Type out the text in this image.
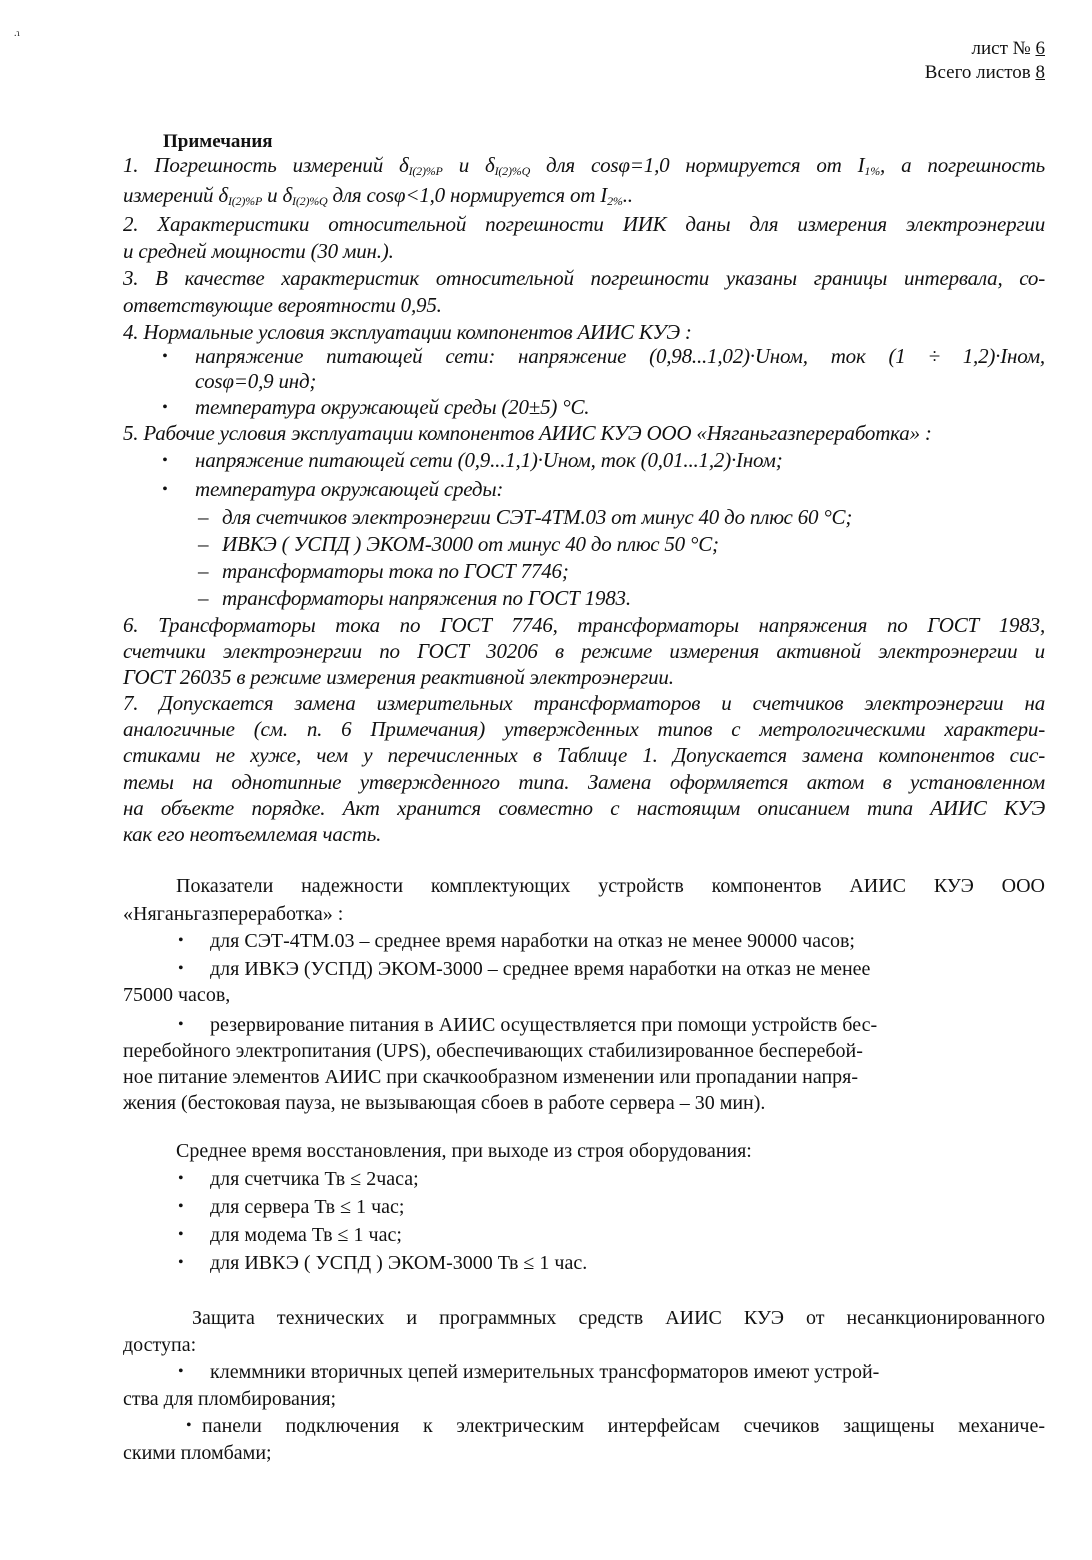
.ɿ
лист № 6
Всего листов 8
Примечания
1. Погрешность измерений $\delta_{I(2)\%P}$ и $\delta_{I(2)\%Q}$ для cosφ=1,0 нормируется от $I_{1\%}$, а погрешность
измерений $\delta_{I(2)\%P}$ и $\delta_{I(2)\%Q}$ для cosφ<1,0 нормируется от $I_{2\%}$..
2. Характеристики относительной погрешности ИИК даны для измерения электроэнергии
и средней мощности (30 мин.).
3. В качестве характеристик относительной погрешности указаны границы интервала, со-
ответствующие вероятности 0,95.
4. Нормальные условия эксплуатации компонентов АИИС КУЭ :
• напряжение питающей сети: напряжение (0,98...1,02)·Uном, ток (1 ÷ 1,2)·Iном,
cosφ=0,9 инд;
• температура окружающей среды (20±5) °С.
5. Рабочие условия эксплуатации компонентов АИИС КУЭ ООО «Няганьгазпереработка» :
• напряжение питающей сети (0,9...1,1)·Uном, ток (0,01...1,2)·Iном;
• температура окружающей среды:
– для счетчиков электроэнергии СЭТ-4ТМ.03 от минус 40 до плюс 60 °С;
– ИВКЭ ( УСПД ) ЭКОМ-3000 от минус 40 до плюс 50 °С;
– трансформаторы тока по ГОСТ 7746;
– трансформаторы напряжения по ГОСТ 1983.
6. Трансформаторы тока по ГОСТ 7746, трансформаторы напряжения по ГОСТ 1983,
счетчики электроэнергии по ГОСТ 30206 в режиме измерения активной электроэнергии и
ГОСТ 26035 в режиме измерения реактивной электроэнергии.
7. Допускается замена измерительных трансформаторов и счетчиков электроэнергии на
аналогичные (см. п. 6 Примечания) утвержденных типов с метрологическими характери-
стиками не хуже, чем у перечисленных в Таблице 1. Допускается замена компонентов сис-
темы на однотипные утвержденного типа. Замена оформляется актом в установленном
на объекте порядке. Акт хранится совместно с настоящим описанием типа АИИС КУЭ
как его неотъемлемая часть.
Показатели надежности комплектующих устройств компонентов АИИС КУЭ ООО
«Няганьгазпереработка» :
• для СЭТ-4ТМ.03 – среднее время наработки на отказ не менее 90000 часов;
• для ИВКЭ (УСПД) ЭКОМ-3000 – среднее время наработки на отказ не менее
75000 часов,
• резервирование питания в АИИС осуществляется при помощи устройств бес-
перебойного электропитания (UPS), обеспечивающих стабилизированное бесперебой-
ное питание элементов АИИС при скачкообразном изменении или пропадании напря-
жения (бестоковая пауза, не вызывающая сбоев в работе сервера – 30 мин).
Среднее время восстановления, при выходе из строя оборудования:
• для счетчика Тв ≤ 2часа;
• для сервера Тв ≤ 1 час;
• для модема Тв ≤ 1 час;
• для ИВКЭ ( УСПД ) ЭКОМ-3000 Тв ≤ 1 час.
Защита технических и программных средств АИИС КУЭ от несанкционированного
доступа:
• клеммники вторичных цепей измерительных трансформаторов имеют устрой-
ства для пломбирования;
• панели подключения к электрическим интерфейсам счечиков защищены механиче-
скими пломбами;
